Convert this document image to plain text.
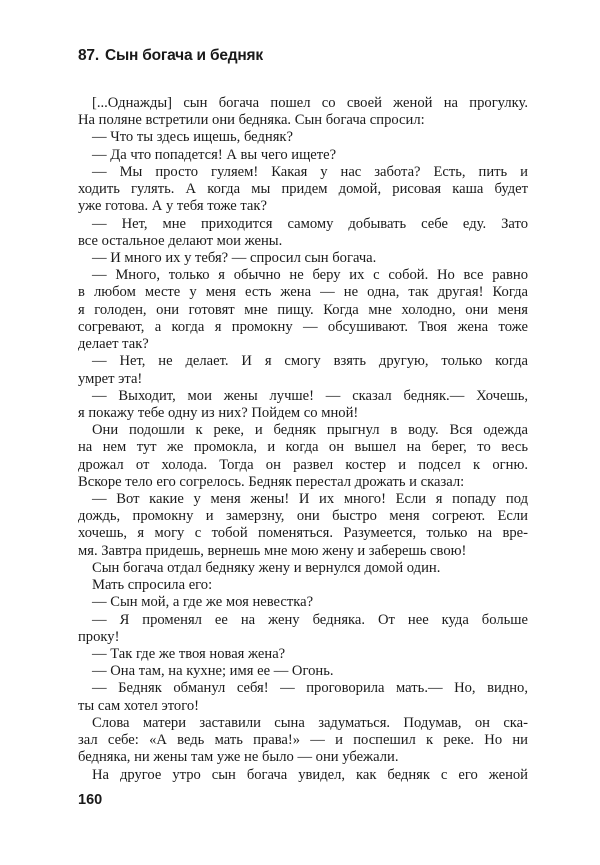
87. Сын богача и бедняк
[...Однажды] сын богача пошел со своей женой на прогулку.
На поляне встретили они бедняка. Сын богача спросил:
— Что ты здесь ищешь, бедняк?
— Да что попадется! А вы чего ищете?
— Мы просто гуляем! Какая у нас забота? Есть, пить и
ходить гулять. А когда мы придем домой, рисовая каша будет
уже готова. А у тебя тоже так?
— Нет, мне приходится самому добывать себе еду. Зато
все остальное делают мои жены.
— И много их у тебя? — спросил сын богача.
— Много, только я обычно не беру их с собой. Но все равно
в любом месте у меня есть жена — не одна, так другая! Когда
я голоден, они готовят мне пищу. Когда мне холодно, они меня
согревают, а когда я промокну — обсушивают. Твоя жена тоже
делает так?
— Нет, не делает. И я смогу взять другую, только когда
умрет эта!
— Выходит, мои жены лучше! — сказал бедняк.— Хочешь,
я покажу тебе одну из них? Пойдем со мной!
Они подошли к реке, и бедняк прыгнул в воду. Вся одежда
на нем тут же промокла, и когда он вышел на берег, то весь
дрожал от холода. Тогда он развел костер и подсел к огню.
Вскоре тело его согрелось. Бедняк перестал дрожать и сказал:
— Вот какие у меня жены! И их много! Если я попаду под
дождь, промокну и замерзну, они быстро меня согреют. Если
хочешь, я могу с тобой поменяться. Разумеется, только на вре-
мя. Завтра придешь, вернешь мне мою жену и заберешь свою!
Сын богача отдал бедняку жену и вернулся домой один.
Мать спросила его:
— Сын мой, а где же моя невестка?
— Я променял ее на жену бедняка. От нее куда больше
проку!
— Так где же твоя новая жена?
— Она там, на кухне; имя ее — Огонь.
— Бедняк обманул себя! — проговорила мать.— Но, видно,
ты сам хотел этого!
Слова матери заставили сына задуматься. Подумав, он ска-
зал себе: «А ведь мать права!» — и поспешил к реке. Но ни
бедняка, ни жены там уже не было — они убежали.
На другое утро сын богача увидел, как бедняк с его женой
160
